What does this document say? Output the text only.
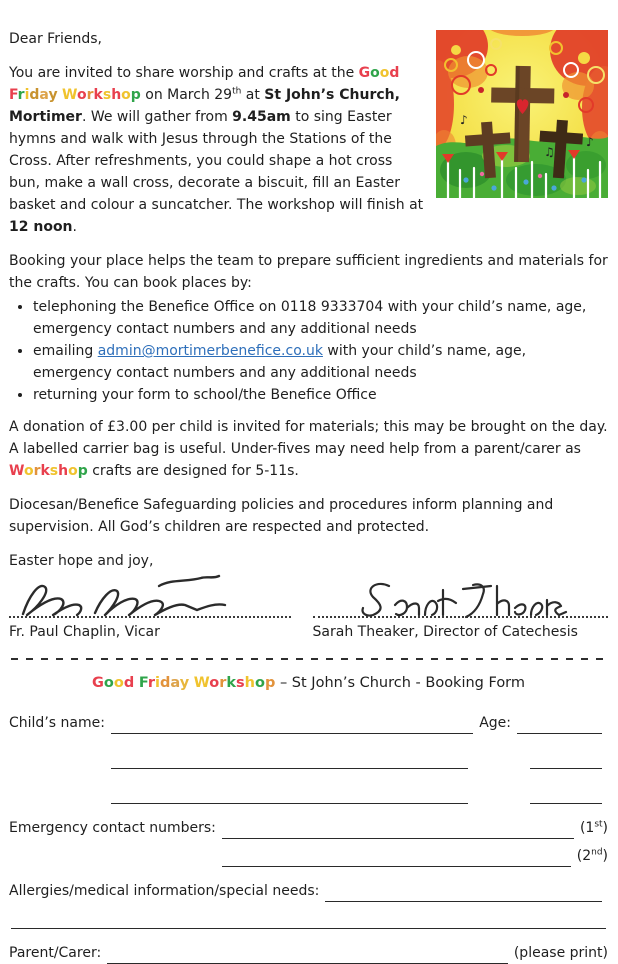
♪
♫
♪

Dear Friends,

You are invited to share worship and crafts at the Good Friday Workshop on March 29th at St John’s Church, Mortimer. We will gather from 9.45am to sing Easter hymns and walk with Jesus through the Stations of the Cross. After refreshments, you could shape a hot cross bun, make a wall cross, decorate a biscuit, fill an Easter basket and colour a suncatcher. The workshop will finish at 12 noon.

Booking your place helps the team to prepare sufficient ingredients and materials for the crafts. You can book places by:

• telephoning the Benefice Office on 0118 9333704 with your child’s name, age, emergency contact numbers and any additional needs
• emailing admin@mortimerbenefice.co.uk with your child’s name, age, emergency contact numbers and any additional needs
• returning your form to school/the Benefice Office

A donation of £3.00 per child is invited for materials; this may be brought on the day. A labelled carrier bag is useful. Under-fives may need help from a parent/carer as Workshop crafts are designed for 5-11s.

Diocesan/Benefice Safeguarding policies and procedures inform planning and supervision. All God’s children are respected and protected.

Easter hope and joy,

Fr. Paul Chaplin, Vicar	Sarah Theaker, Director of Catechesis
Good Friday Workshop – St John’s Church - Booking Form
Child’s name:	Age:
Emergency contact numbers:	(1st)
(2nd)
Allergies/medical information/special needs:
Parent/Carer:	(please print)
